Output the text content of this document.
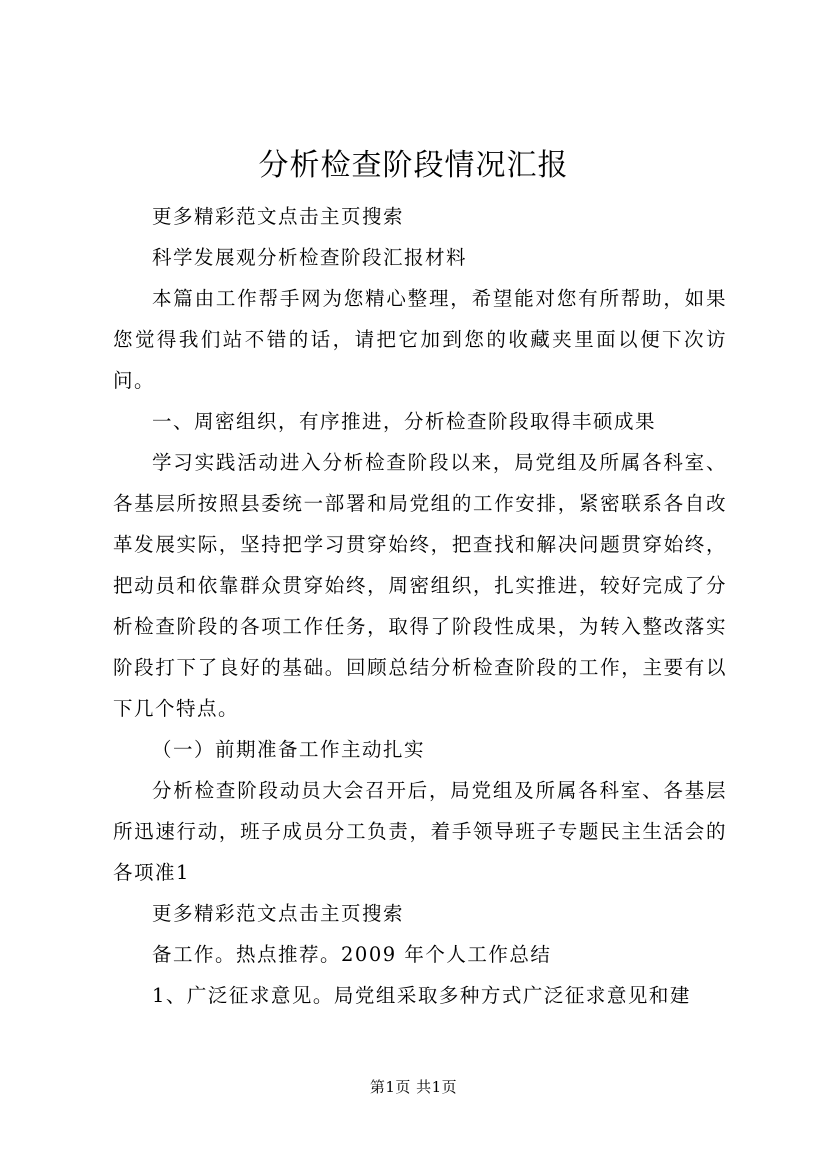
分析检查阶段情况汇报

更多精彩范文点击主页搜索

科学发展观分析检查阶段汇报材料

本篇由工作帮手网为您精心整理，希望能对您有所帮助，如果您觉得我们站不错的话，请把它加到您的收藏夹里面以便下次访问。

一、周密组织，有序推进，分析检查阶段取得丰硕成果

学习实践活动进入分析检查阶段以来，局党组及所属各科室、各基层所按照县委统一部署和局党组的工作安排，紧密联系各自改革发展实际，坚持把学习贯穿始终，把查找和解决问题贯穿始终，把动员和依靠群众贯穿始终，周密组织，扎实推进，较好完成了分析检查阶段的各项工作任务，取得了阶段性成果，为转入整改落实阶段打下了良好的基础。回顾总结分析检查阶段的工作，主要有以下几个特点。

（一）前期准备工作主动扎实

分析检查阶段动员大会召开后，局党组及所属各科室、各基层所迅速行动，班子成员分工负责，着手领导班子专题民主生活会的各项准1

更多精彩范文点击主页搜索

备工作。热点推荐。2009 年个人工作总结

1、广泛征求意见。局党组采取多种方式广泛征求意见和建

第1页 共1页
